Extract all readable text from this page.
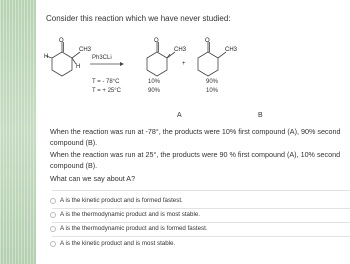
Consider this reaction which we have never studied:
H
O
CH3
H
O
CH3
+
O
CH3
Ph3CLi
T = - 78°C
T = + 25°C
10%
90%
90%
10%
A	B
When the reaction was run at -78°, the products were 10% first compound (A), 90% second compound (B).
When the reaction was run at 25°, the products were 90 % first compound (A), 10% second compound (B).
What can we say about A?
A is the kinetic product and is formed fastest.
A is the thermodynamic product and is most stable.
A is the thermodynamic product and is formed fastest.
A is the kinetic product and is most stable.
